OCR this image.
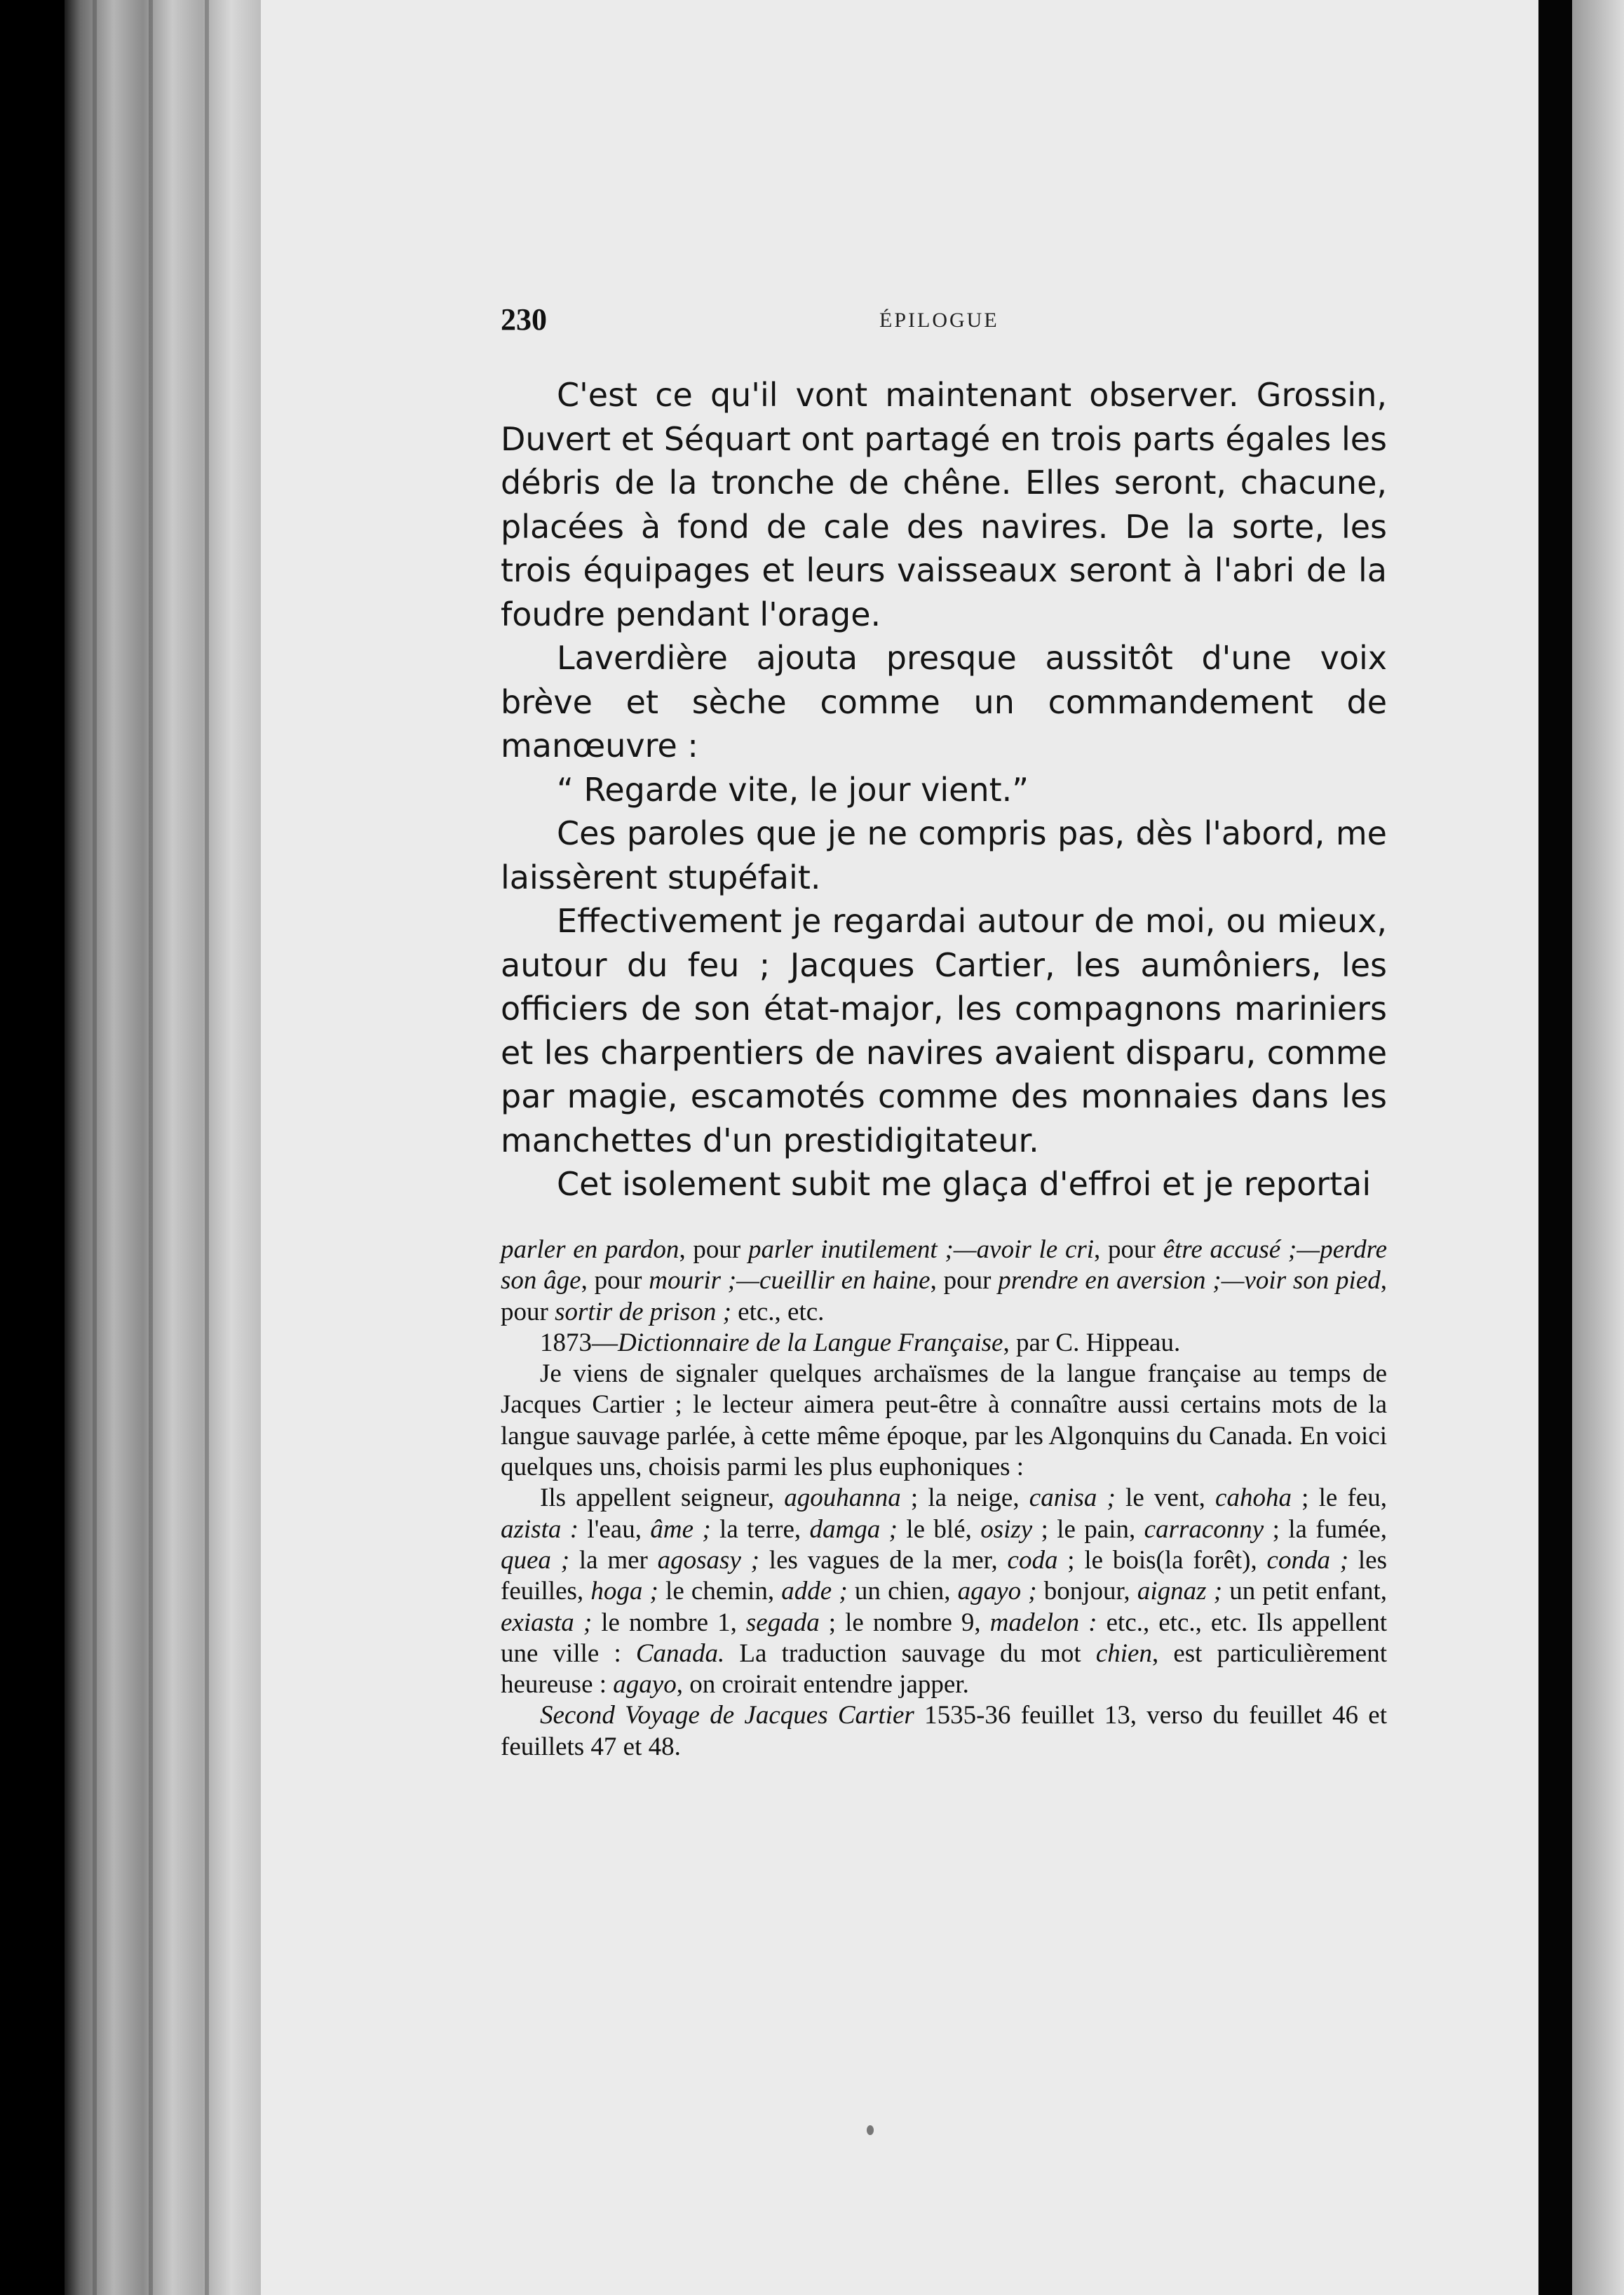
230	ÉPILOGUE

C'est ce qu'il vont maintenant observer. Grossin, Duvert et Séquart ont partagé en trois parts égales les débris de la tronche de chêne. Elles seront, chacune, placées à fond de cale des navires. De la sorte, les trois équipages et leurs vaisseaux seront à l'abri de la foudre pendant l'orage.

Laverdière ajouta presque aussitôt d'une voix brève et sèche comme un commandement de manœuvre :

“ Regarde vite, le jour vient.”

Ces paroles que je ne compris pas, dès l'abord, me laissèrent stupéfait.

Effectivement je regardai autour de moi, ou mieux, autour du feu ; Jacques Cartier, les aumôniers, les officiers de son état-major, les compagnons mariniers et les charpentiers de navires avaient disparu, comme par magie, escamotés comme des monnaies dans les manchettes d'un prestidigitateur.

Cet isolement subit me glaça d'effroi et je reportai

parler en pardon, pour parler inutilement ;—avoir le cri, pour être accusé ;—perdre son âge, pour mourir ;—cueillir en haine, pour prendre en aversion ;—voir son pied, pour sortir de prison ; etc., etc.

1873—Dictionnaire de la Langue Française, par C. Hippeau.

Je viens de signaler quelques archaïsmes de la langue française au temps de Jacques Cartier ; le lecteur aimera peut-être à connaître aussi certains mots de la langue sauvage parlée, à cette même époque, par les Algonquins du Canada. En voici quelques uns, choisis parmi les plus euphoniques :

Ils appellent seigneur, agouhanna ; la neige, canisa ; le vent, cahoha ; le feu, azista : l'eau, âme ; la terre, damga ; le blé, osizy ; le pain, carraconny ; la fumée, quea ; la mer agosasy ; les vagues de la mer, coda ; le bois(la forêt), conda ; les feuilles, hoga ; le chemin, adde ; un chien, agayo ; bonjour, aignaz ; un petit enfant, exiasta ; le nombre 1, segada ; le nombre 9, madelon : etc., etc., etc. Ils appellent une ville : Canada. La traduction sauvage du mot chien, est particulièrement heureuse : agayo, on croirait entendre japper.

Second Voyage de Jacques Cartier 1535-36 feuillet 13, verso du feuillet 46 et feuillets 47 et 48.
